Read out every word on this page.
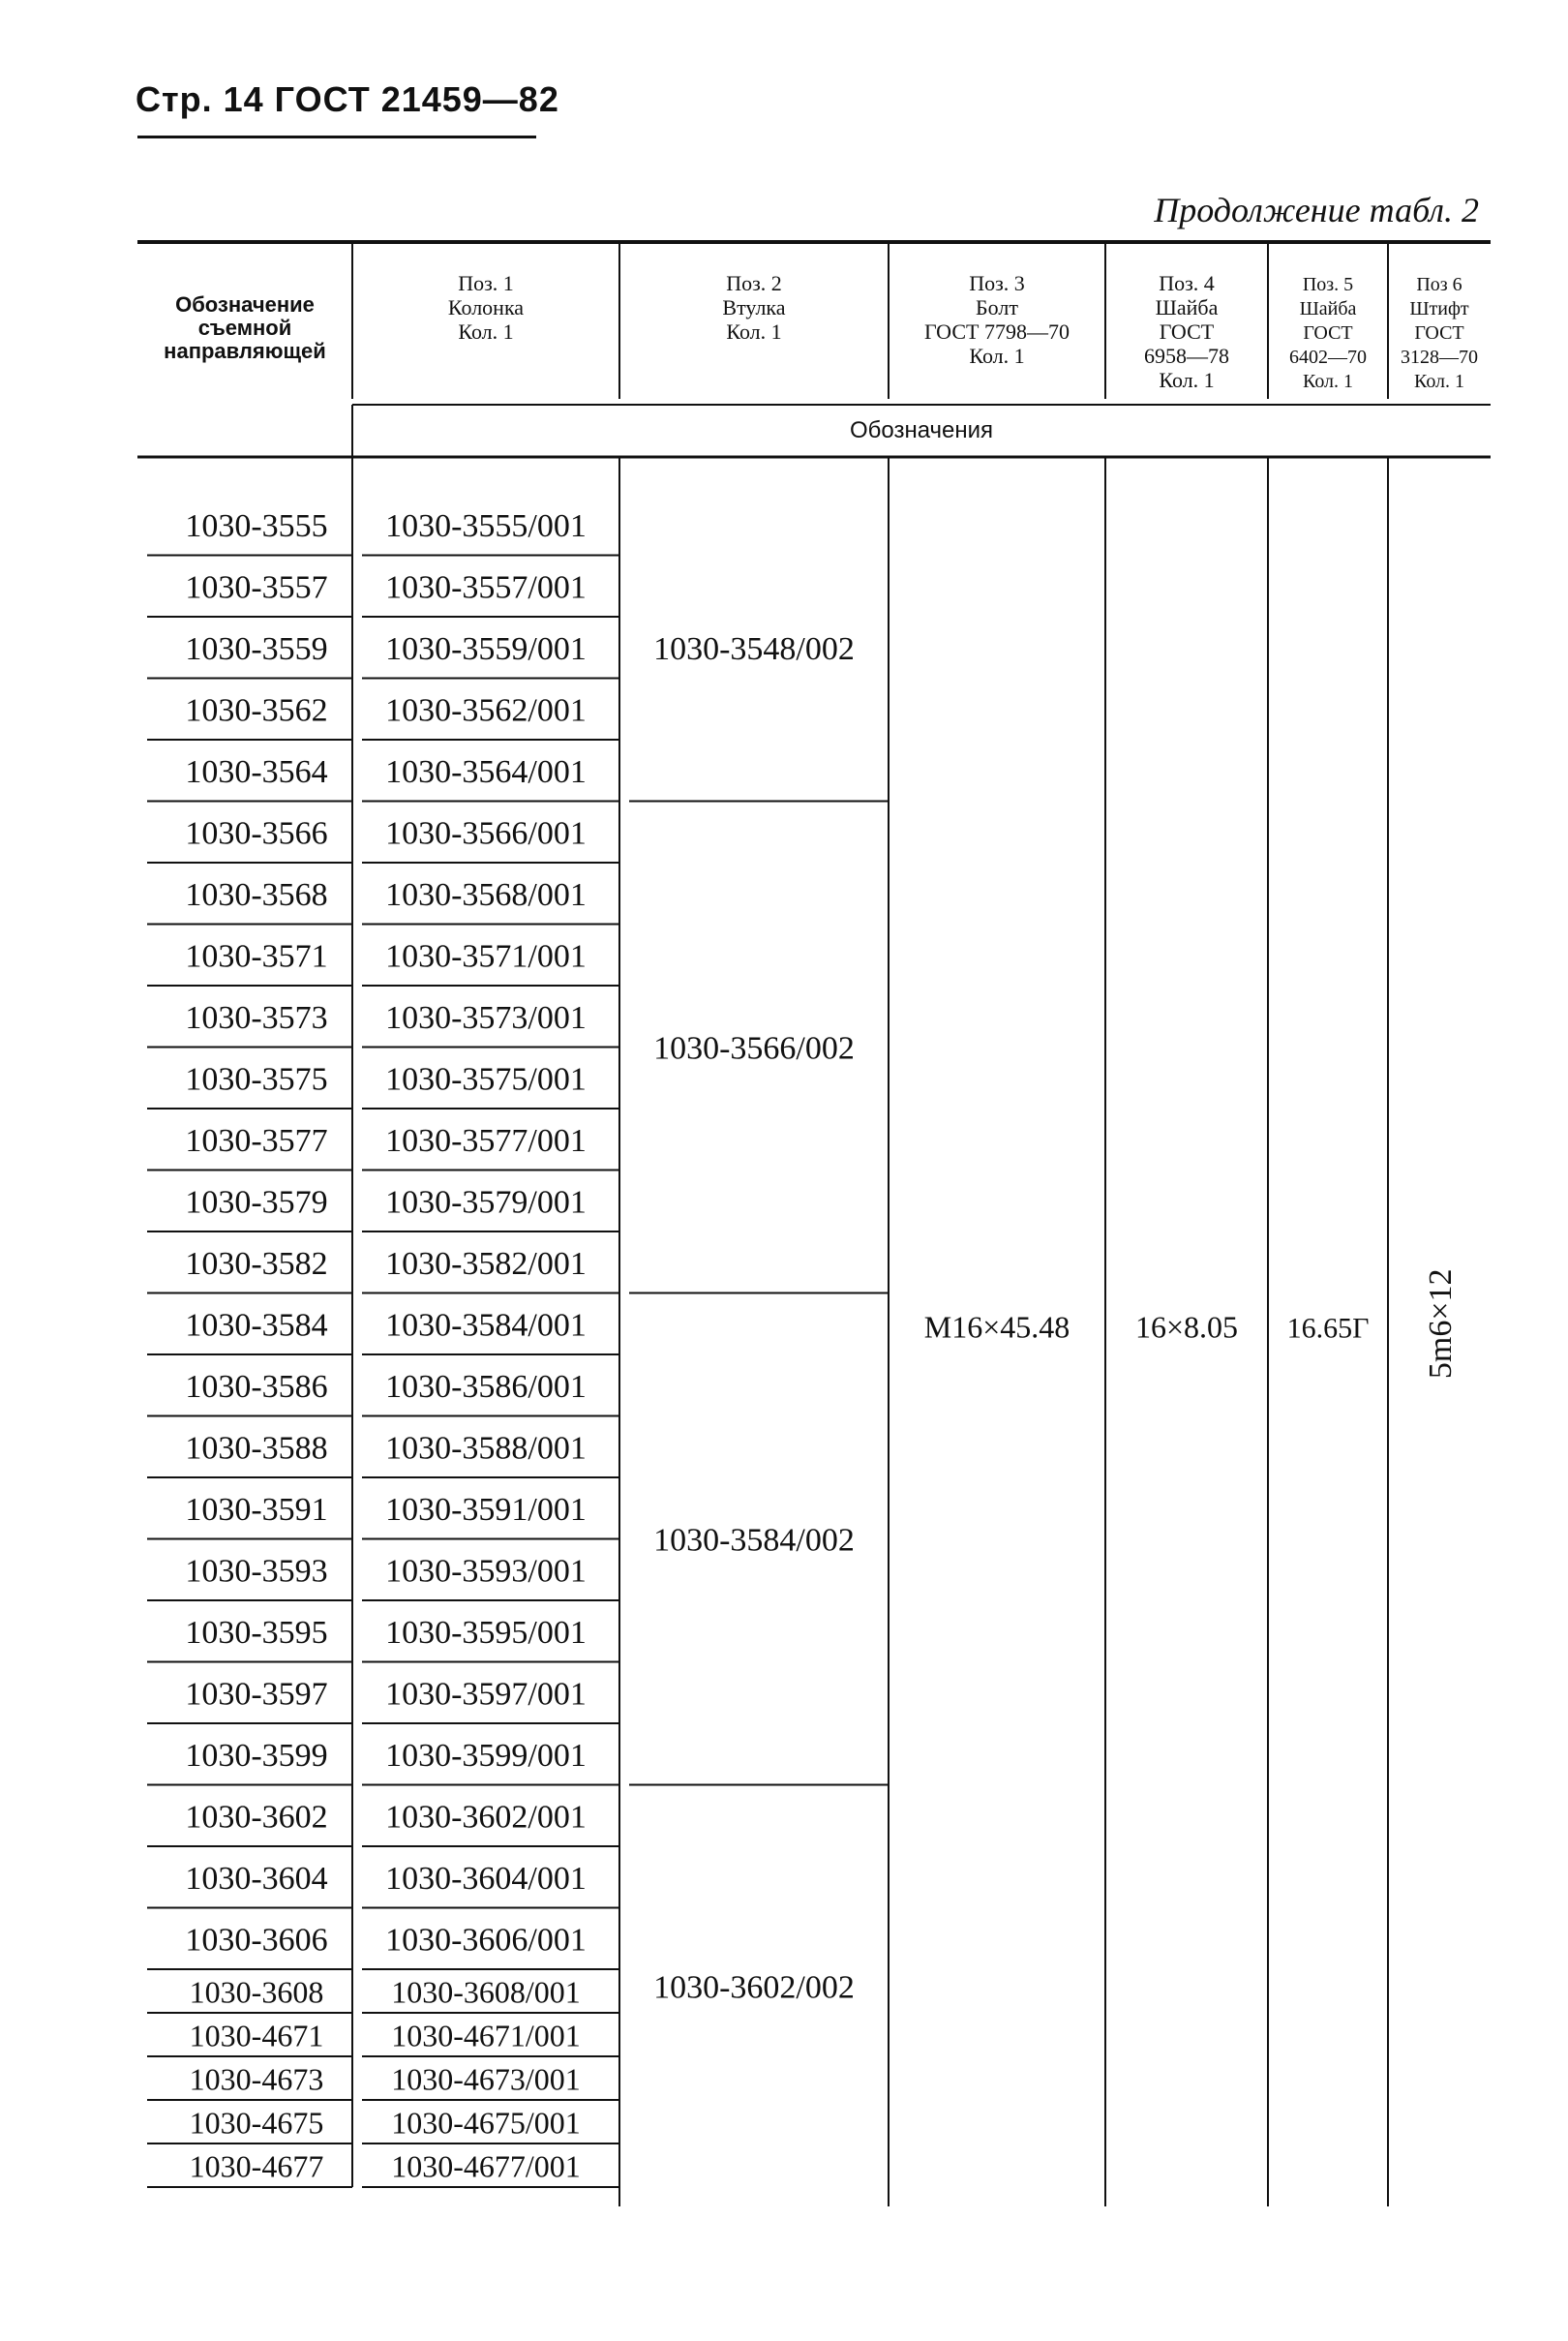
Стр. 14 ГОСТ 21459—82
Продолжение табл. 2
Обозначение
съемной
направляющей
Поз. 1
Колонка
Кол. 1
Поз. 2
Втулка
Кол. 1
Поз. 3
Болт
ГОСТ 7798—70
Кол. 1
Поз. 4
Шайба
ГОСТ
6958—78
Кол. 1
Поз. 5
Шайба
ГОСТ
6402—70
Кол. 1
Поз 6
Штифт
ГОСТ
3128—70
Кол. 1
Обозначения
1030-3555 1030-3555/001
1030-3557 1030-3557/001
1030-3559 1030-3559/001
1030-3562 1030-3562/001
1030-3564 1030-3564/001
1030-3566 1030-3566/001
1030-3568 1030-3568/001
1030-3571 1030-3571/001
1030-3573 1030-3573/001
1030-3575 1030-3575/001
1030-3577 1030-3577/001
1030-3579 1030-3579/001
1030-3582 1030-3582/001
1030-3584 1030-3584/001
1030-3586 1030-3586/001
1030-3588 1030-3588/001
1030-3591 1030-3591/001
1030-3593 1030-3593/001
1030-3595 1030-3595/001
1030-3597 1030-3597/001
1030-3599 1030-3599/001
1030-3602 1030-3602/001
1030-3604 1030-3604/001
1030-3606 1030-3606/001
1030-3608 1030-3608/001
1030-4671 1030-4671/001
1030-4673 1030-4673/001
1030-4675 1030-4675/001
1030-4677 1030-4677/001
1030-3548/002
1030-3566/002
1030-3584/002
1030-3602/002
M16×45.48 16×8.05 16.65Г 5m6×12
